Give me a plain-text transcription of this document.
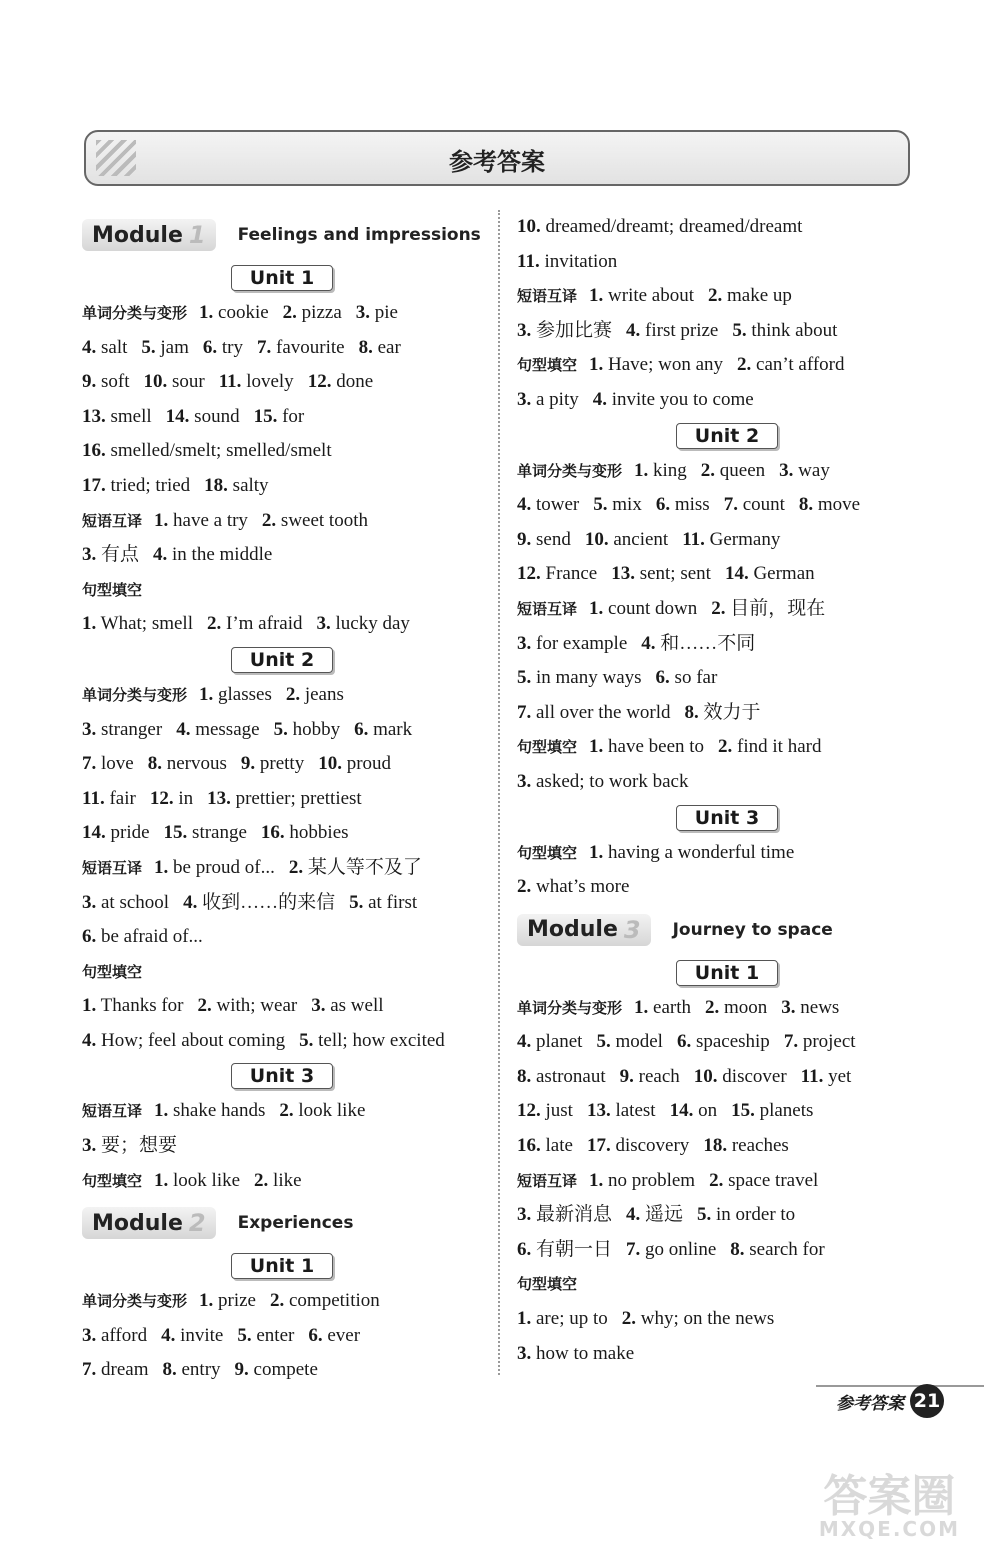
参考答案
Module 1 Feelings and impressions
Unit 1
单词分类与变形 1. cookie 2. pizza 3. pie
4. salt 5. jam 6. try 7. favourite 8. ear
9. soft 10. sour 11. lovely 12. done
13. smell 14. sound 15. for
16. smelled/smelt; smelled/smelt
17. tried; tried 18. salty
短语互译 1. have a try 2. sweet tooth
3. 有点 4. in the middle
句型填空
1. What; smell 2. I’m afraid 3. lucky day
Unit 2
单词分类与变形 1. glasses 2. jeans
3. stranger 4. message 5. hobby 6. mark
7. love 8. nervous 9. pretty 10. proud
11. fair 12. in 13. prettier; prettiest
14. pride 15. strange 16. hobbies
短语互译 1. be proud of... 2. 某人等不及了
3. at school 4. 收到……的来信 5. at first
6. be afraid of...
句型填空
1. Thanks for 2. with; wear 3. as well
4. How; feel about coming 5. tell; how excited
Unit 3
短语互译 1. shake hands 2. look like
3. 要；想要
句型填空 1. look like 2. like
Module 2 Experiences
Unit 1
单词分类与变形 1. prize 2. competition
3. afford 4. invite 5. enter 6. ever
7. dream 8. entry 9. compete
10. dreamed/dreamt; dreamed/dreamt
11. invitation
短语互译 1. write about 2. make up
3. 参加比赛 4. first prize 5. think about
句型填空 1. Have; won any 2. can’t afford
3. a pity 4. invite you to come
Unit 2
单词分类与变形 1. king 2. queen 3. way
4. tower 5. mix 6. miss 7. count 8. move
9. send 10. ancient 11. Germany
12. France 13. sent; sent 14. German
短语互译 1. count down 2. 目前，现在
3. for example 4. 和……不同
5. in many ways 6. so far
7. all over the world 8. 效力于
句型填空 1. have been to 2. find it hard
3. asked; to work back
Unit 3
句型填空 1. having a wonderful time
2. what’s more
Module 3 Journey to space
Unit 1
单词分类与变形 1. earth 2. moon 3. news
4. planet 5. model 6. spaceship 7. project
8. astronaut 9. reach 10. discover 11. yet
12. just 13. latest 14. on 15. planets
16. late 17. discovery 18. reaches
短语互译 1. no problem 2. space travel
3. 最新消息 4. 遥远 5. in order to
6. 有朝一日 7. go online 8. search for
句型填空
1. are; up to 2. why; on the news
3. how to make
参考答案 21
答案圈
MXQE.COM
